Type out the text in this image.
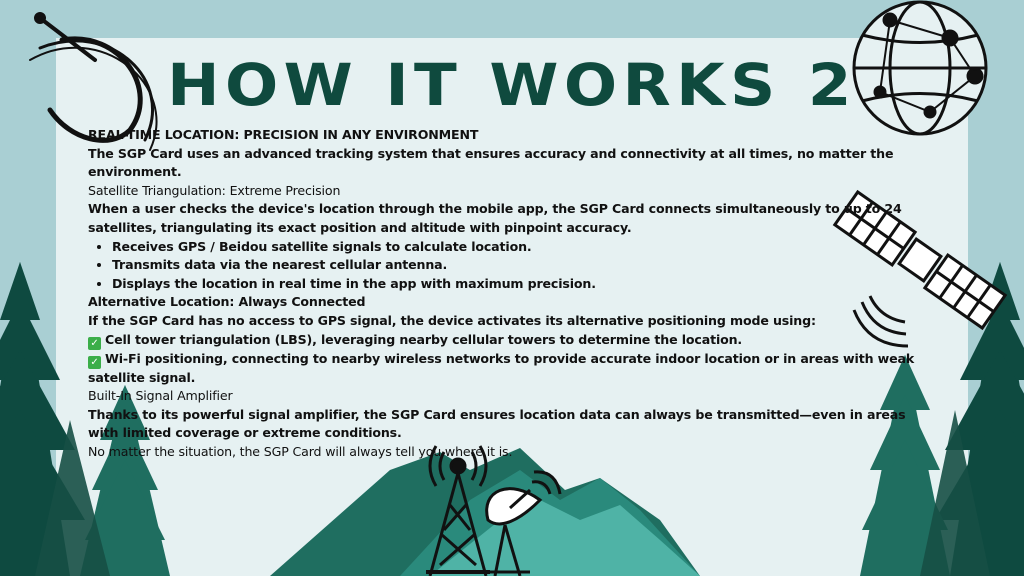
HOW IT WORKS 2

REAL-TIME LOCATION: PRECISION IN ANY ENVIRONMENT

The SGP Card uses an advanced tracking system that ensures accuracy and connectivity at all times, no matter the environment.

Satellite Triangulation: Extreme Precision

When a user checks the device's location through the mobile app, the SGP Card connects simultaneously to up to 24 satellites, triangulating its exact position and altitude with pinpoint accuracy.

• Receives GPS / Beidou satellite signals to calculate location.
• Transmits data via the nearest cellular antenna.
• Displays the location in real time in the app with maximum precision.

Alternative Location: Always Connected

If the SGP Card has no access to GPS signal, the device activates its alternative positioning mode using:

✓ Cell tower triangulation (LBS), leveraging nearby cellular towers to determine the location.

✓ Wi-Fi positioning, connecting to nearby wireless networks to provide accurate indoor location or in areas with weak satellite signal.

Built-In Signal Amplifier

Thanks to its powerful signal amplifier, the SGP Card ensures location data can always be transmitted—even in areas with limited coverage or extreme conditions.

No matter the situation, the SGP Card will always tell you where it is.
